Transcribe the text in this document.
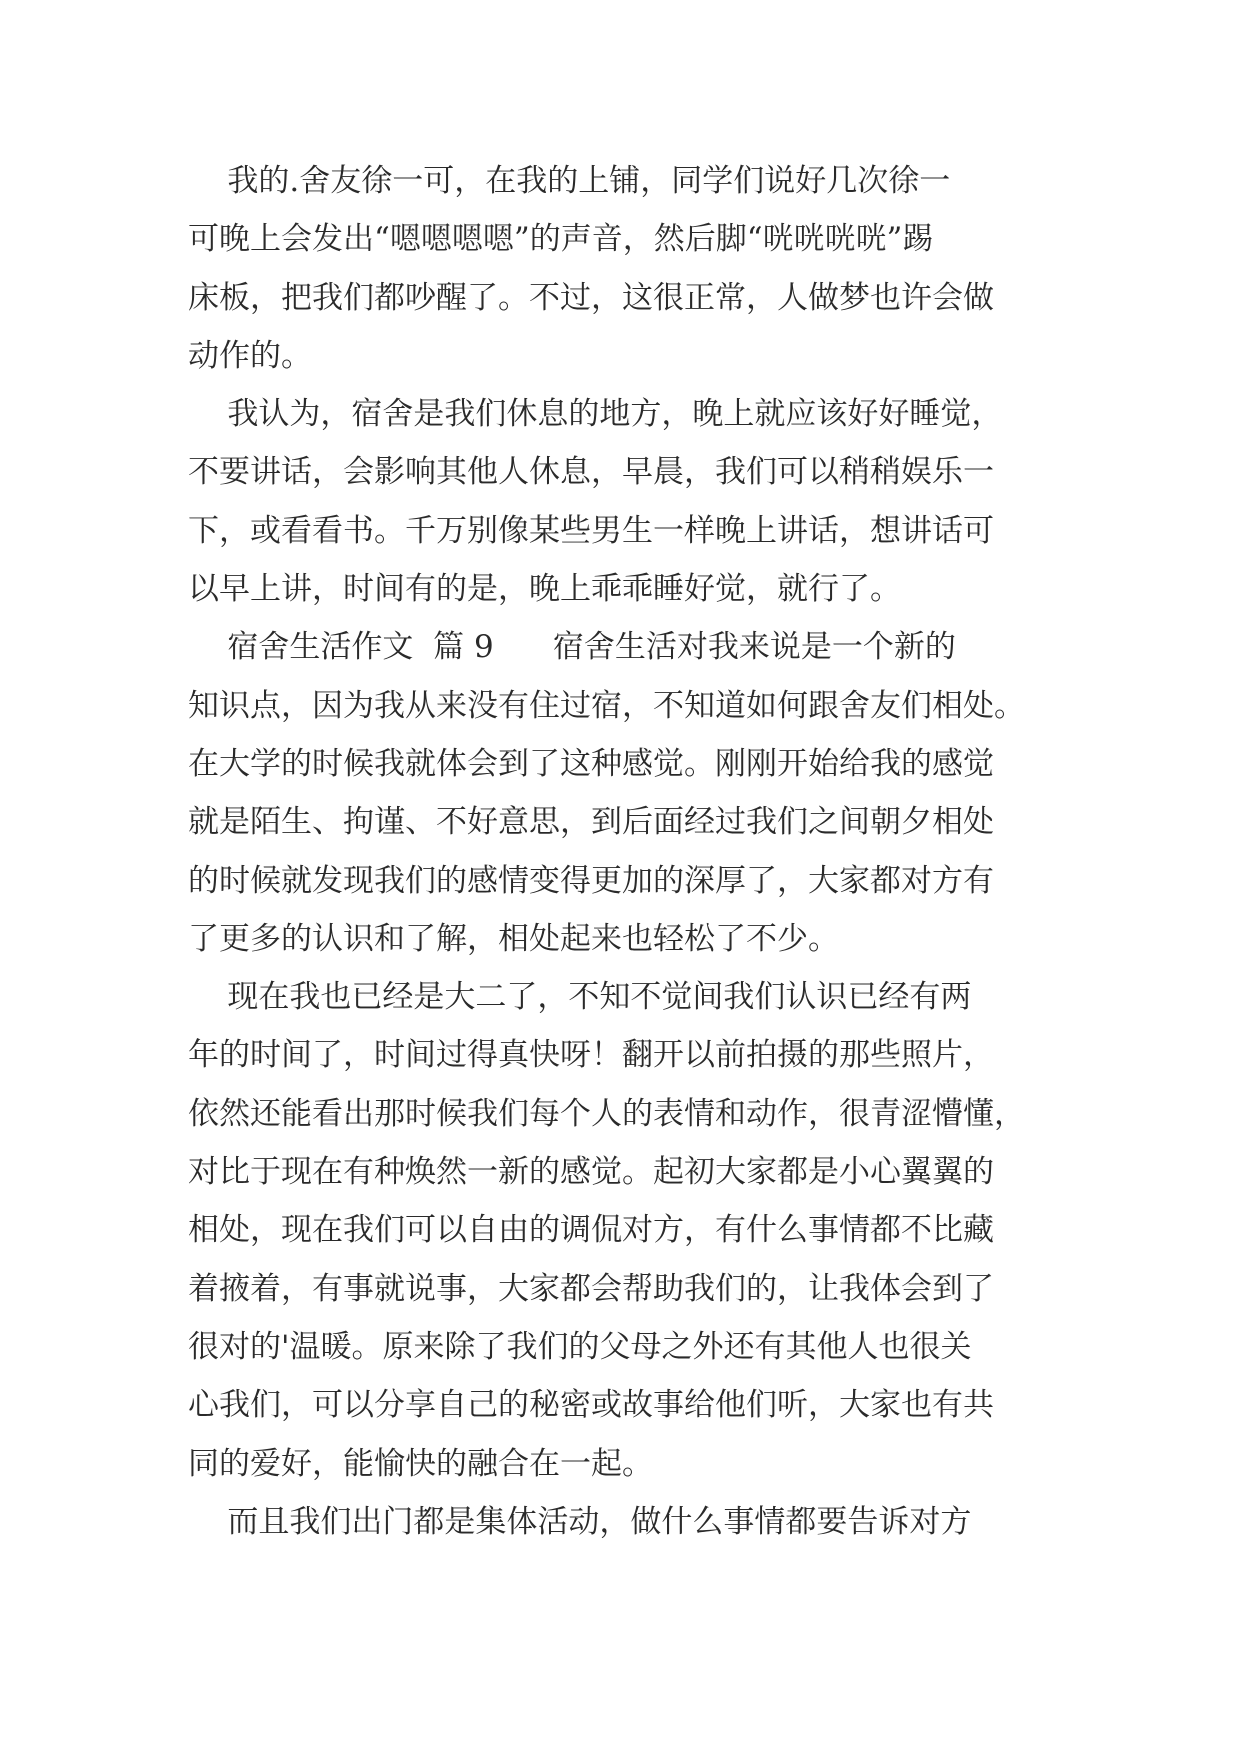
我的.舍友徐一可，在我的上铺，同学们说好几次徐一
可晚上会发出“嗯嗯嗯嗯”的声音，然后脚“咣咣咣咣”踢
床板，把我们都吵醒了。不过，这很正常，人做梦也许会做
动作的。
我认为，宿舍是我们休息的地方，晚上就应该好好睡觉，
不要讲话，会影响其他人休息，早晨，我们可以稍稍娱乐一
下，或看看书。千万别像某些男生一样晚上讲话，想讲话可
以早上讲，时间有的是，晚上乖乖睡好觉，就行了。
宿舍生活作文  篇 9      宿舍生活对我来说是一个新的
知识点，因为我从来没有住过宿，不知道如何跟舍友们相处。
在大学的时候我就体会到了这种感觉。刚刚开始给我的感觉
就是陌生、拘谨、不好意思，到后面经过我们之间朝夕相处
的时候就发现我们的感情变得更加的深厚了，大家都对方有
了更多的认识和了解，相处起来也轻松了不少。
现在我也已经是大二了，不知不觉间我们认识已经有两
年的时间了，时间过得真快呀！翻开以前拍摄的那些照片，
依然还能看出那时候我们每个人的表情和动作，很青涩懵懂，
对比于现在有种焕然一新的感觉。起初大家都是小心翼翼的
相处，现在我们可以自由的调侃对方，有什么事情都不比藏
着掖着，有事就说事，大家都会帮助我们的，让我体会到了
很对的'温暖。原来除了我们的父母之外还有其他人也很关
心我们，可以分享自己的秘密或故事给他们听，大家也有共
同的爱好，能愉快的融合在一起。
而且我们出门都是集体活动，做什么事情都要告诉对方
